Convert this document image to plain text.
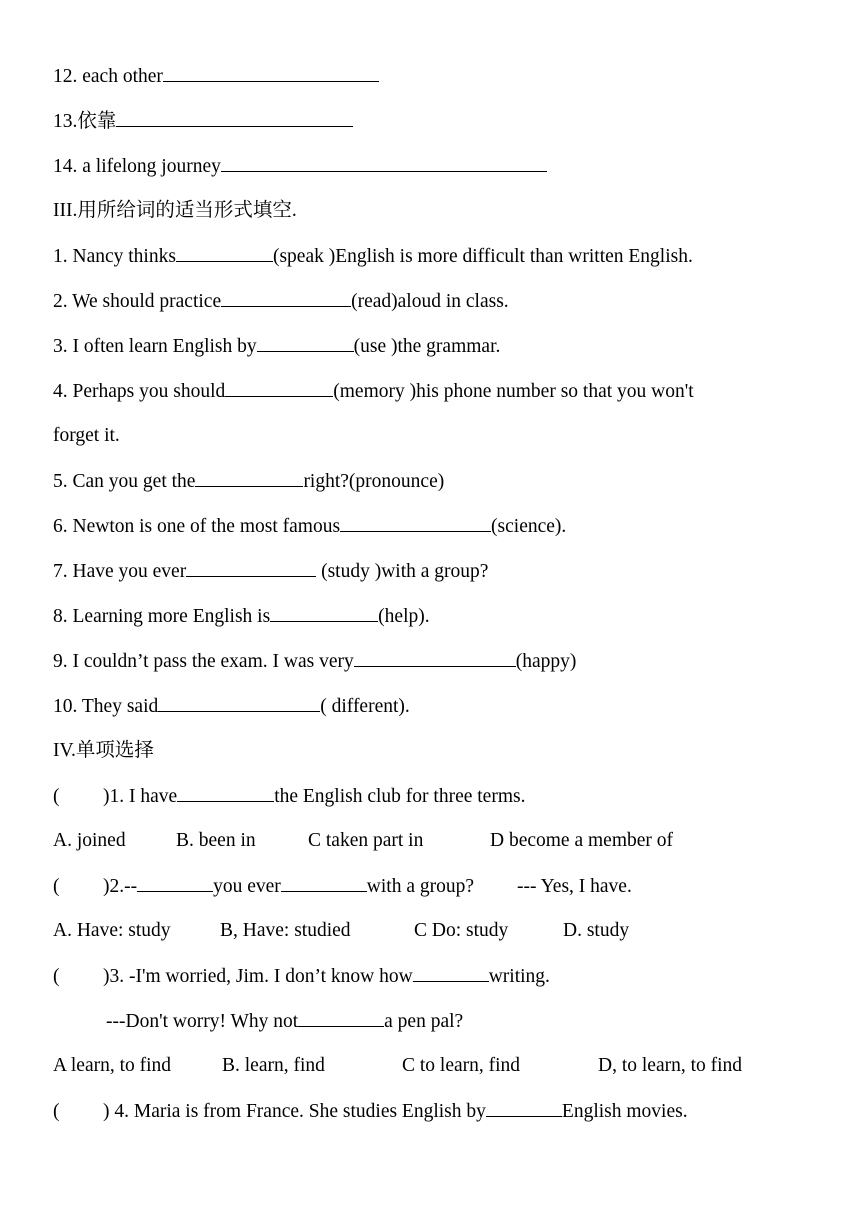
12. each other
13.依靠
14. a lifelong journey
III.用所给词的适当形式填空.
1. Nancy thinks	(speak )English is more difficult than written English.
2. We should practice	(read)aloud in class.
3. I often learn English by	(use )the grammar.
4. Perhaps you should	(memory )his phone number so that you won't
forget it.
5. Can you get the	right?(pronounce)
6. Newton is one of the most famous	(science).
7. Have you ever	(study )with a group?
8. Learning more English is	(help).
9. I couldn’t pass the exam. I was very	(happy)
10. They said	( different).
IV.单项选择
( )1. I have	the English club for three terms.
A. joined	B. been in	C taken part in	D become a member of
( )2.--	you ever	with a group? --- Yes, I have.
A. Have: study	B, Have: studied	C Do: study	D. study
( )3. -I'm worried, Jim. I don’t know how	writing.
---Don't worry! Why not	a pen pal?
A learn, to find	B. learn, find	C to learn, find	D, to learn, to find
( ) 4. Maria is from France. She studies English by	English movies.
